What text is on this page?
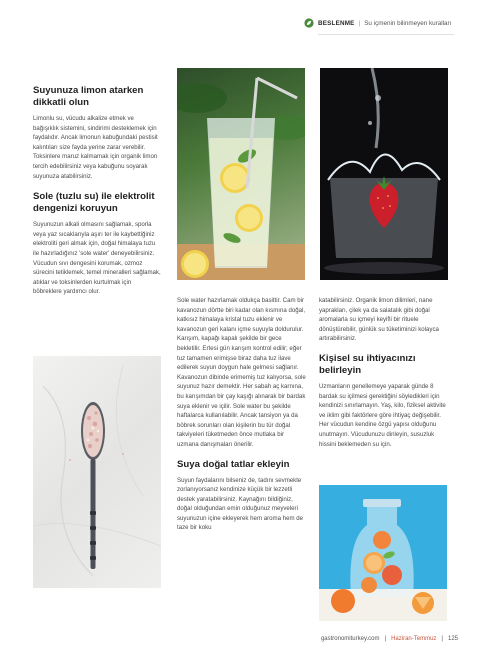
BESLENME | Su içmenin bilinmeyen kuralları
Suyunuza limon atarken dikkatli olun

Limonlu su, vücudu alkalize etmek ve bağışıklık sistemini, sindirimi desteklemek için faydalıdır. Ancak limonun kabuğundaki pestisit kalıntıları size fayda yerine zarar verebilir. Toksinlere maruz kalmamak için organik limon tercih edebilirsiniz veya kabuğunu soyarak suyunuza atabilirsiniz.

Sole (tuzlu su) ile elektrolit dengenizi koruyun

Suyunuzun alkali olmasını sağlamak, sporla veya yaz sıcaklarıyla aşırı ter ile kaybettiğiniz elektroliti geri almak için, doğal himalaya tuzu ile hazırladığınız 'sole water' deneyebilirsiniz. Vücudun sıvı dengesini korumak, ozmoz sürecini tetiklemek, temel mineralleri sağlamak, atıklar ve toksinlerden kurtulmak için böbreklere yardımcı olur.

Sole water hazırlamak oldukça basittir. Cam bir kavanozun dörtte biri kadar olan kısmına doğal, katkısız himalaya kristal tuzu eklenir ve kavanozun geri kalanı içme suyuyla doldurulur. Karışım, kapağı kapalı şekilde bir gece bekletilir. Ertesi gün karışım kontrol edilir; eğer tuz tamamen erimişse biraz daha tuz ilave edilerek suyun doygun hale gelmesi sağlanır. Kavanozun dibinde erimemiş tuz kalıyorsa, sole suyunuz hazır demektir. Her sabah aç karnına, bu karışımdan bir çay kaşığı alınarak bir bardak suya eklenir ve içilir. Sole water bu şekilde haftalarca kullanılabilir. Ancak tansiyon ya da böbrek sorunları olan kişilerin bu tür doğal takviyeleri tüketmeden önce mutlaka bir uzmana danışmaları önerilir.

Suya doğal tatlar ekleyin

Suyun faydalarını bilseniz de, tadını sevmekte zorlanıyorsanız kendinize küçük bir lezzetli destek yaratabilirsiniz. Kaynağını bildiğiniz, doğal olduğundan emin olduğunuz meyveleri suyunuzun içine ekleyerek hem aroma hem de taze bir koku

katabilirsiniz. Organik limon dilimleri, nane yaprakları, çilek ya da salatalık gibi doğal aromalarla su içmeyi keyifli bir rituele dönüştürebilir, günlük su tüketiminizi kolayca artırabilirsiniz.

Kişisel su ihtiyacınızı belirleyin

Uzmanların genellemeye yaparak günde 8 bardak su içilmesi gerektiğini söyledikleri için kendinizi sınırlamayın. Yaş, kilo, fiziksel aktivite ve iklim gibi faktörlere göre ihtiyaç değişebilir. Her vücudun kendine özgü yapısı olduğunu unutmayın. Vücudunuzu dinleyin, susuzluk hissini beklemeden su için.

gastronomiturkey.com | Haziran-Temmuz | 125
